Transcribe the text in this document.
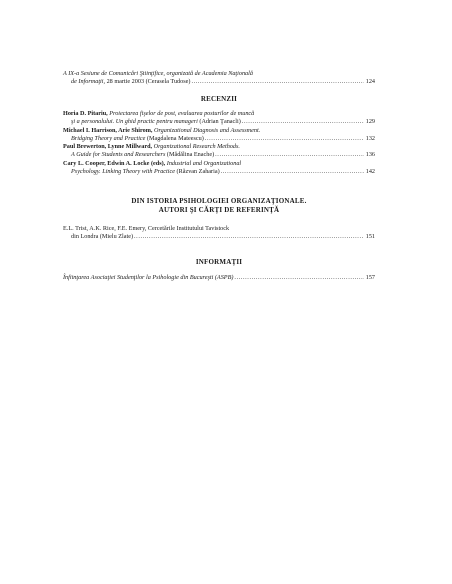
A IX-a Sesiune de Comunicări Ştiinţifice, organizată de Academia Naţională
de Informaţii, 28 martie 2003 (Cerasela Tudose) .....	124
RECENZII
Horia D. Pitariu, Proiectarea fişelor de post, evaluarea posturilor de muncă
şi a personalului. Un ghid practic pentru manageri (Adrian Ţanacli) .....	129
Michael I. Harrison, Arie Shirom, Organizational Diagnosis and Assessment.
Bridging Theory and Practice (Magdalena Mateescu) .....	132
Paul Brewerton, Lynne Millward, Organizational Research Methods.
A Guide for Students and Researchers (Mădălina Enache) .....	136
Cary L. Cooper, Edwin A. Locke (eds), Industrial and Organizational
Psychology. Linking Theory with Practice (Răzvan Zaharia) .....	142
DIN ISTORIA PSIHOLOGIEI ORGANIZAŢIONALE.
AUTORI ŞI CĂRŢI DE REFERINŢĂ
E.L. Trist, A.K. Rice, F.E. Emery, Cercetările Institutului Tavistock
din Londra (Mielu Zlate) .....	151
INFORMAŢII
Înfiinţarea Asociaţiei Studenţilor la Psihologie din Bucureşti (ASPB) .....	157
